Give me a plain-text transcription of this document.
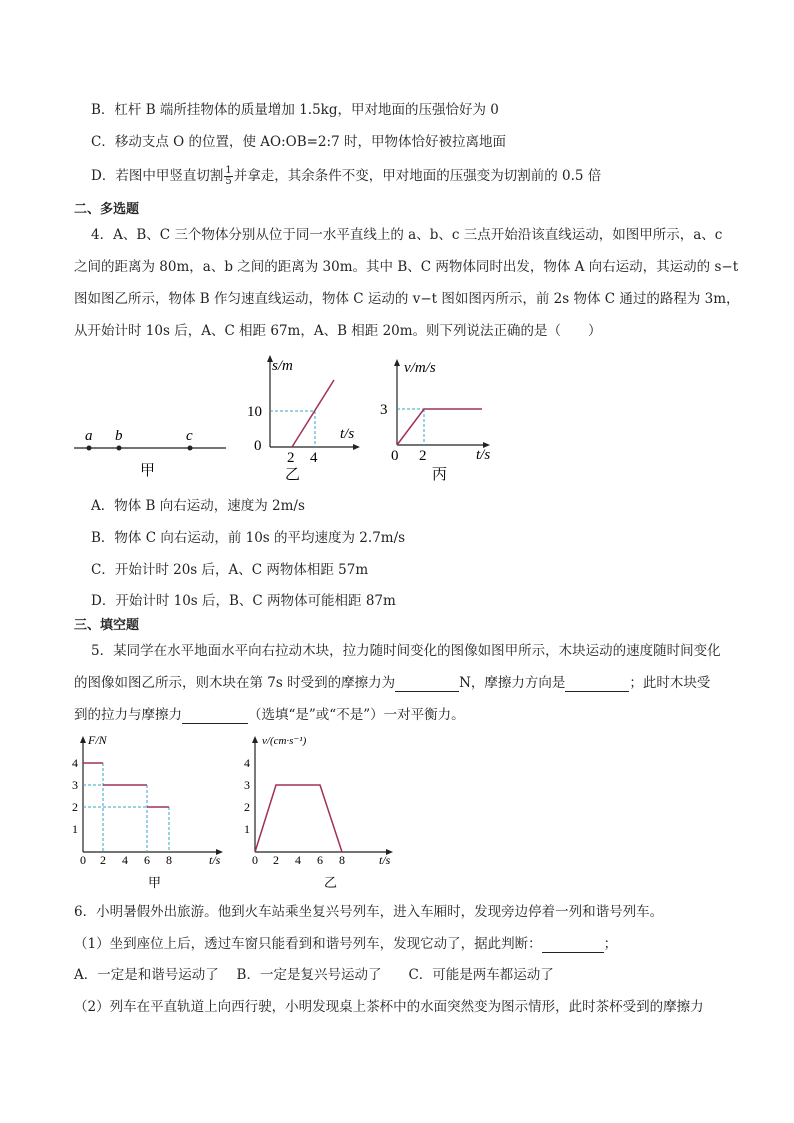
B．杠杆 B 端所挂物体的质量增加 1.5kg，甲对地面的压强恰好为 0
C．移动支点 O 的位置，使 AO:OB=2:7 时，甲物体恰好被拉离地面
D．若图中甲竖直切割 $\frac{1}{5}$ 并拿走，其余条件不变，甲对地面的压强变为切割前的 0.5 倍
二、多选题
4．A、B、C 三个物体分别从位于同一水平直线上的 a、b、c 三点开始沿该直线运动，如图甲所示，a、c
之间的距离为 80m，a、b 之间的距离为 30m。其中 B、C 两物体同时出发，物体 A 向右运动，其运动的 s−t
图如图乙所示，物体 B 作匀速直线运动，物体 C 运动的 v−t 图如图丙所示，前 2s 物体 C 通过的路程为 3m，
从开始计时 10s 后，A、C 相距 67m，A、B 相距 20m。则下列说法正确的是（　　）
a b	c
甲
s/m
t/s
10
0
2 4
乙
v/m/s
t/s
3
0 2
丙
A．物体 B 向右运动，速度为 2m/s
B．物体 C 向右运动，前 10s 的平均速度为 2.7m/s
C．开始计时 20s 后，A、C 两物体相距 57m
D．开始计时 10s 后，B、C 两物体可能相距 87m
三、填空题
5．某同学在水平地面水平向右拉动木块，拉力随时间变化的图像如图甲所示，木块运动的速度随时间变化
的图像如图乙所示，则木块在第 7s 时受到的摩擦力为	N，摩擦力方向是	；此时木块受
到的拉力与摩擦力	（选填“是”或“不是”）一对平衡力。
F/N
t/s
4
3
2
1
0 2 4 6 8
甲
v/(cm·s⁻¹)
t/s
4
3
2
1
0 2 4 6 8
乙
6．小明暑假外出旅游。他到火车站乘坐复兴号列车，进入车厢时，发现旁边停着一列和谐号列车。
（1）坐到座位上后，透过车窗只能看到和谐号列车，发现它动了，据此判断：	；
A．一定是和谐号运动了　 B．一定是复兴号运动了　　C．可能是两车都运动了
（2）列车在平直轨道上向西行驶，小明发现桌上茶杯中的水面突然变为图示情形，此时茶杯受到的摩擦力
